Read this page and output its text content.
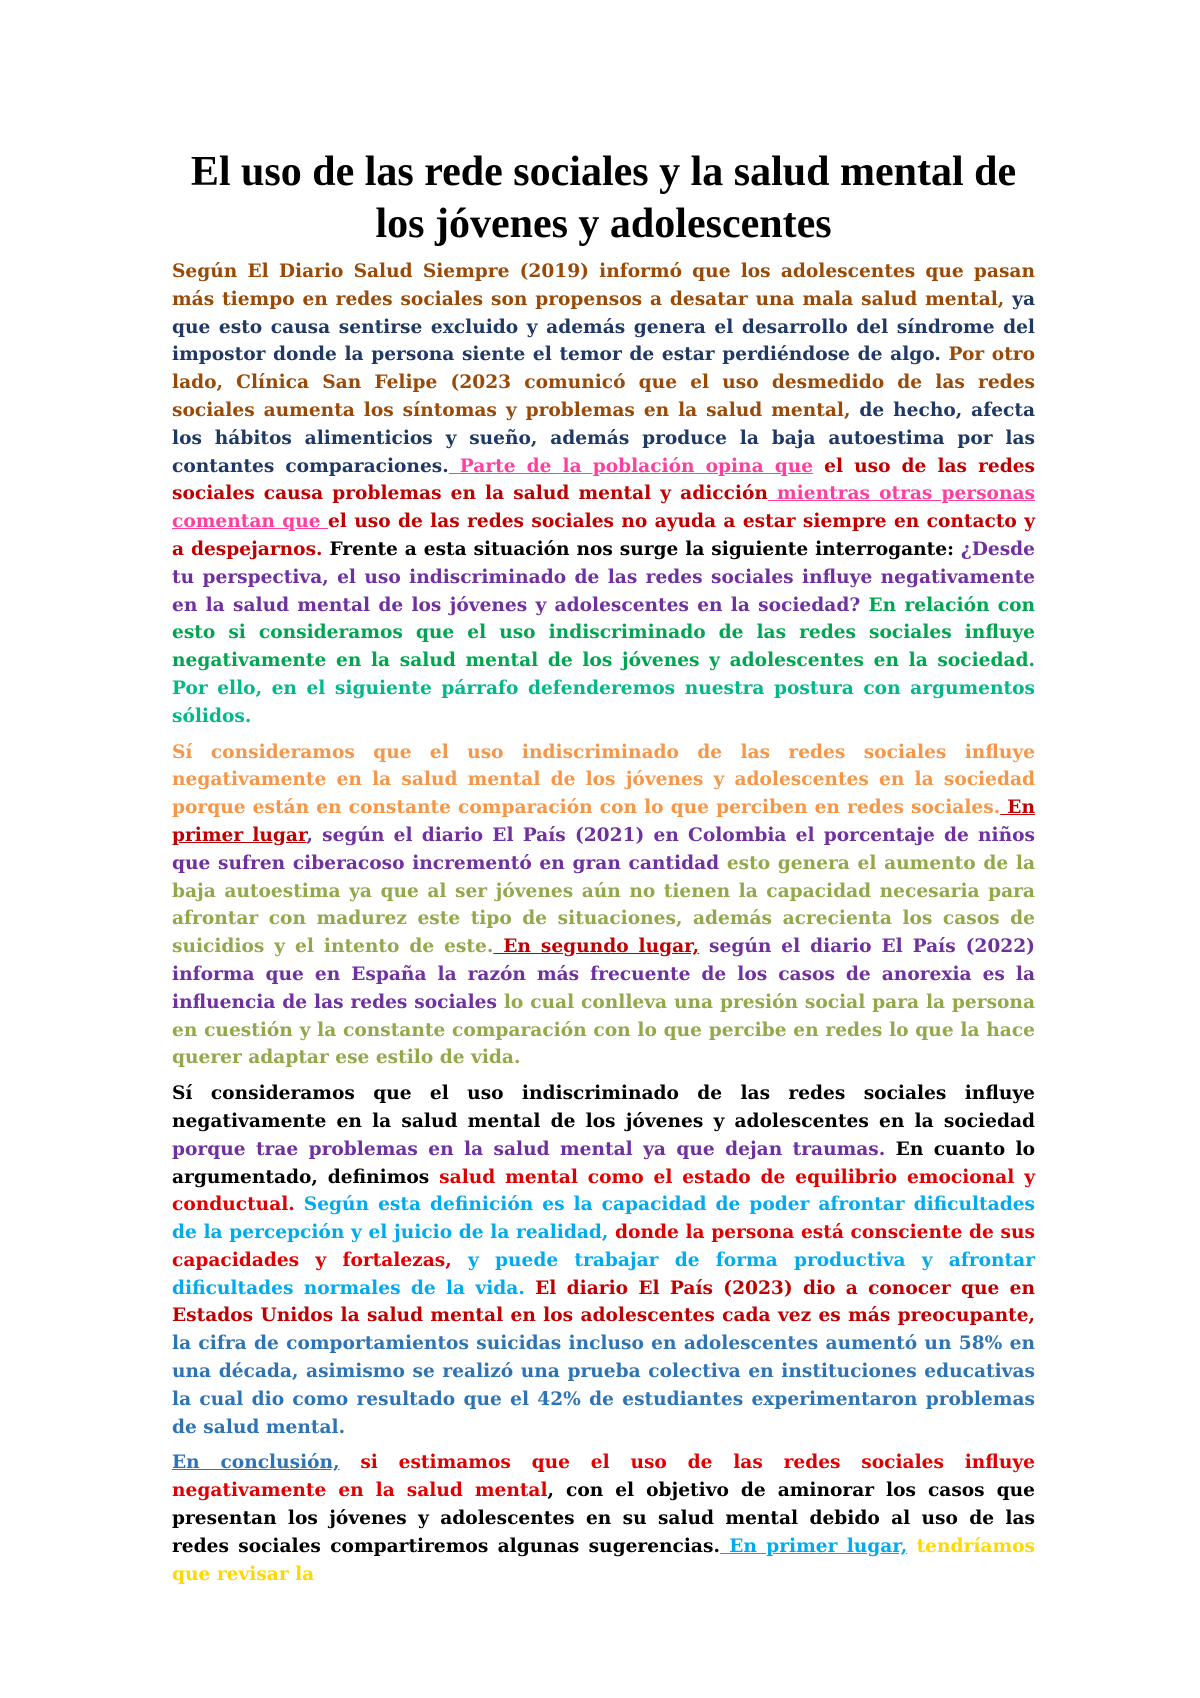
El uso de las rede sociales y la salud mental de los jóvenes y adolescentes

Según El Diario Salud Siempre (2019) informó que los adolescentes que pasan más tiempo en redes sociales son propensos a desatar una mala salud mental, ya que esto causa sentirse excluido y además genera el desarrollo del síndrome del impostor donde la persona siente el temor de estar perdiéndose de algo. Por otro lado, Clínica San Felipe (2023 comunicó que el uso desmedido de las redes sociales aumenta los síntomas y problemas en la salud mental, de hecho, afecta los hábitos alimenticios y sueño, además produce la baja autoestima por las contantes comparaciones. Parte de la población opina que el uso de las redes sociales causa problemas en la salud mental y adicción mientras otras personas comentan que el uso de las redes sociales no ayuda a estar siempre en contacto y a despejarnos. Frente a esta situación nos surge la siguiente interrogante: ¿Desde tu perspectiva, el uso indiscriminado de las redes sociales influye negativamente en la salud mental de los jóvenes y adolescentes en la sociedad? En relación con esto si consideramos que el uso indiscriminado de las redes sociales influye negativamente en la salud mental de los jóvenes y adolescentes en la sociedad. Por ello, en el siguiente párrafo defenderemos nuestra postura con argumentos sólidos.

Sí consideramos que el uso indiscriminado de las redes sociales influye negativamente en la salud mental de los jóvenes y adolescentes en la sociedad porque están en constante comparación con lo que perciben en redes sociales. En primer lugar, según el diario El País (2021) en Colombia el porcentaje de niños que sufren ciberacoso incrementó en gran cantidad esto genera el aumento de la baja autoestima ya que al ser jóvenes aún no tienen la capacidad necesaria para afrontar con madurez este tipo de situaciones, además acrecienta los casos de suicidios y el intento de este. En segundo lugar, según el diario El País (2022) informa que en España la razón más frecuente de los casos de anorexia es la influencia de las redes sociales lo cual conlleva una presión social para la persona en cuestión y la constante comparación con lo que percibe en redes lo que la hace querer adaptar ese estilo de vida.

Sí consideramos que el uso indiscriminado de las redes sociales influye negativamente en la salud mental de los jóvenes y adolescentes en la sociedad porque trae problemas en la salud mental ya que dejan traumas. En cuanto lo argumentado, definimos salud mental como el estado de equilibrio emocional y conductual. Según esta definición es la capacidad de poder afrontar dificultades de la percepción y el juicio de la realidad, donde la persona está consciente de sus capacidades y fortalezas, y puede trabajar de forma productiva y afrontar dificultades normales de la vida. El diario El País (2023) dio a conocer que en Estados Unidos la salud mental en los adolescentes cada vez es más preocupante, la cifra de comportamientos suicidas incluso en adolescentes aumentó un 58% en una década, asimismo se realizó una prueba colectiva en instituciones educativas la cual dio como resultado que el 42% de estudiantes experimentaron problemas de salud mental.

En conclusión, si estimamos que el uso de las redes sociales influye negativamente en la salud mental, con el objetivo de aminorar los casos que presentan los jóvenes y adolescentes en su salud mental debido al uso de las redes sociales compartiremos algunas sugerencias. En primer lugar, tendríamos que revisar la
